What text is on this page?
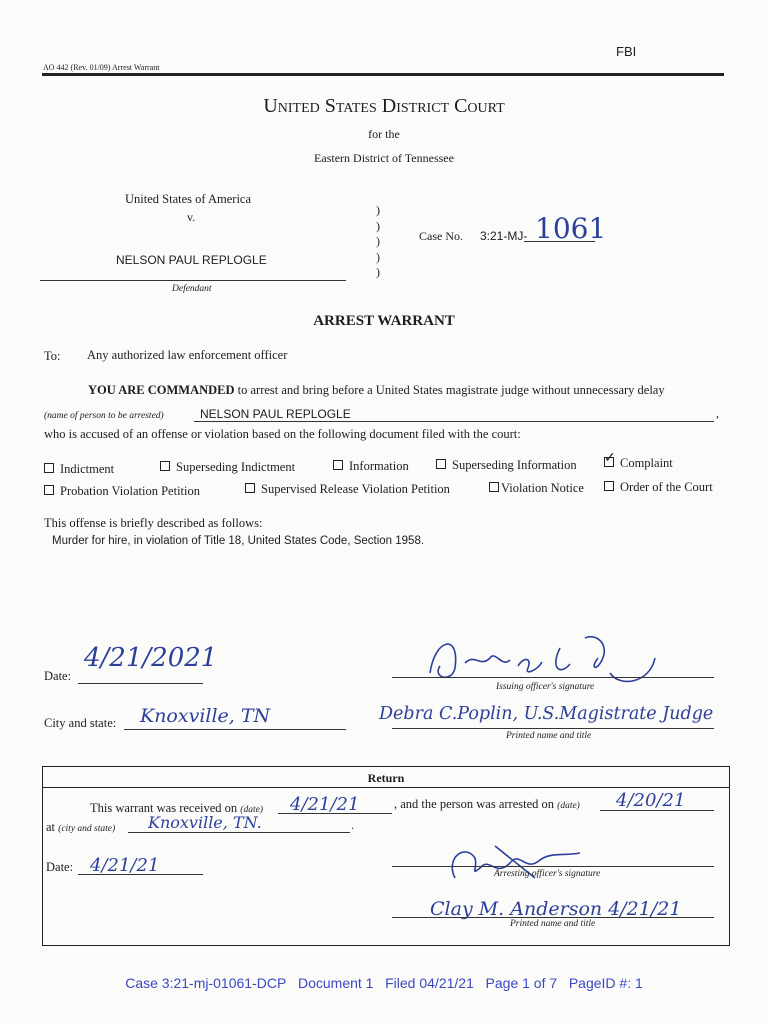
FBI
AO 442 (Rev. 01/09) Arrest Warrant
United States District Court
for the
Eastern District of Tennessee
United States of America
v.
NELSON PAUL REPLOGLE
Defendant
)
)
)
)
)
Case No. 3:21-MJ- 1061
ARREST WARRANT
To: Any authorized law enforcement officer
YOU ARE COMMANDED to arrest and bring before a United States magistrate judge without unnecessary delay
(name of person to be arrested)	NELSON PAUL REPLOGLE	,
who is accused of an offense or violation based on the following document filed with the court:
Indictment	Superseding Indictment	Information	Superseding Information ✓ Complaint
Probation Violation Petition	Supervised Release Violation Petition	Violation Notice	Order of the Court
This offense is briefly described as follows:
Murder for hire, in violation of Title 18, United States Code, Section 1958.
Date:
4/21/2021
Issuing officer's signature
City and state: Knoxville, TN	Debra C.Poplin, U.S.Magistrate Judge
Printed name and title
Return
This warrant was received on (date) 4/21/21	, and the person was arrested on (date) 4/20/21
at (city and state) Knoxville, TN.	.
Date: 4/21/21	Arresting officer's signature
Clay M. Anderson 4/21/21
Printed name and title
Case 3:21-mj-01061-DCP Document 1 Filed 04/21/21 Page 1 of 7 PageID #: 1
